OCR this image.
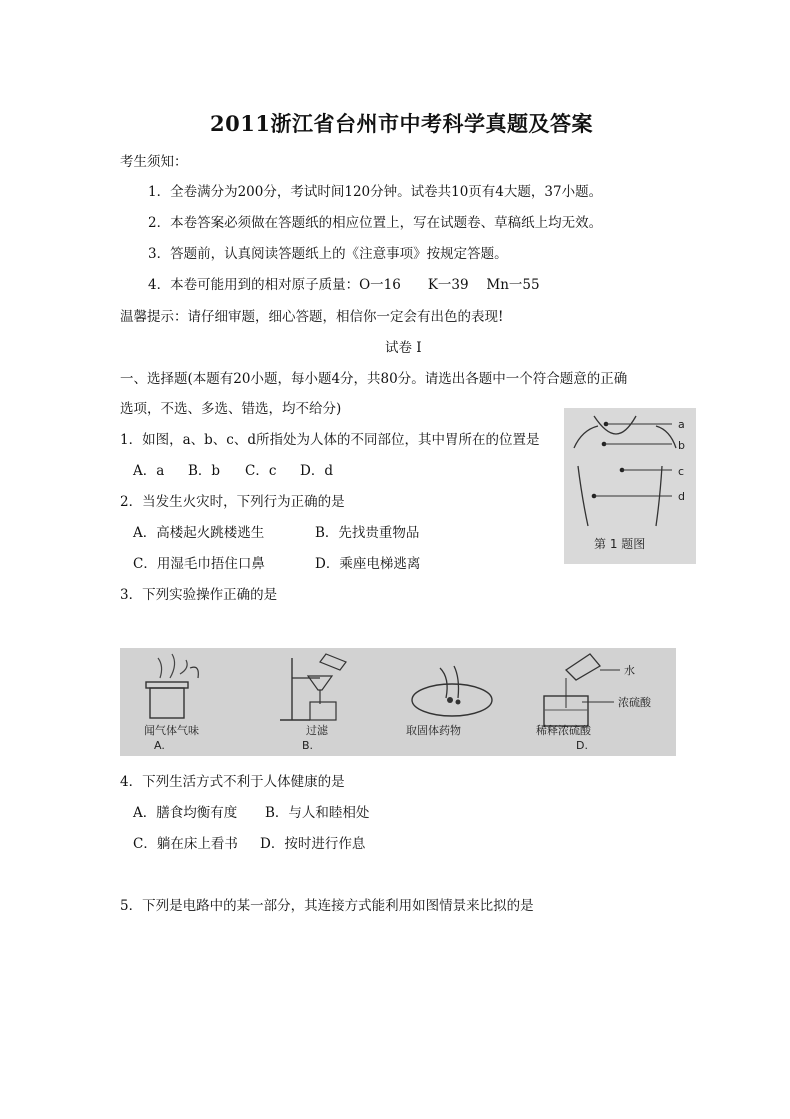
2011浙江省台州市中考科学真题及答案
考生须知：
1．全卷满分为200分，考试时间120分钟。试卷共10页有4大题，37小题。
2．本卷答案必须做在答题纸的相应位置上，写在试题卷、草稿纸上均无效。
3．答题前，认真阅读答题纸上的《注意事项》按规定答题。
4．本卷可能用到的相对原子质量：O一16　　K一39　 Mn一55
温馨提示：请仔细审题，细心答题，相信你一定会有出色的表现!
试卷 I
一、选择题(本题有20小题，每小题4分，共80分。请选出各题中一个符合题意的正确
选项，不选、多选、错选，均不给分)
1．如图，a、b、c、d所指处为人体的不同部位，其中胃所在的位置是
A．a B．b C．c D．d
a
b
c
d
第 1 题图
2．当发生火灾时，下列行为正确的是
A．高楼起火跳楼逃生	B．先找贵重物品
C．用湿毛巾捂住口鼻	D．乘座电梯逃离
3．下列实验操作正确的是
闻气体气味
A.
过滤
B.
取固体药物
水
浓硫酸
稀释浓硫酸
D.
4．下列生活方式不利于人体健康的是
A．膳食均衡有度 B．与人和睦相处
C．躺在床上看书 D．按时进行作息
5．下列是电路中的某一部分，其连接方式能利用如图情景来比拟的是
